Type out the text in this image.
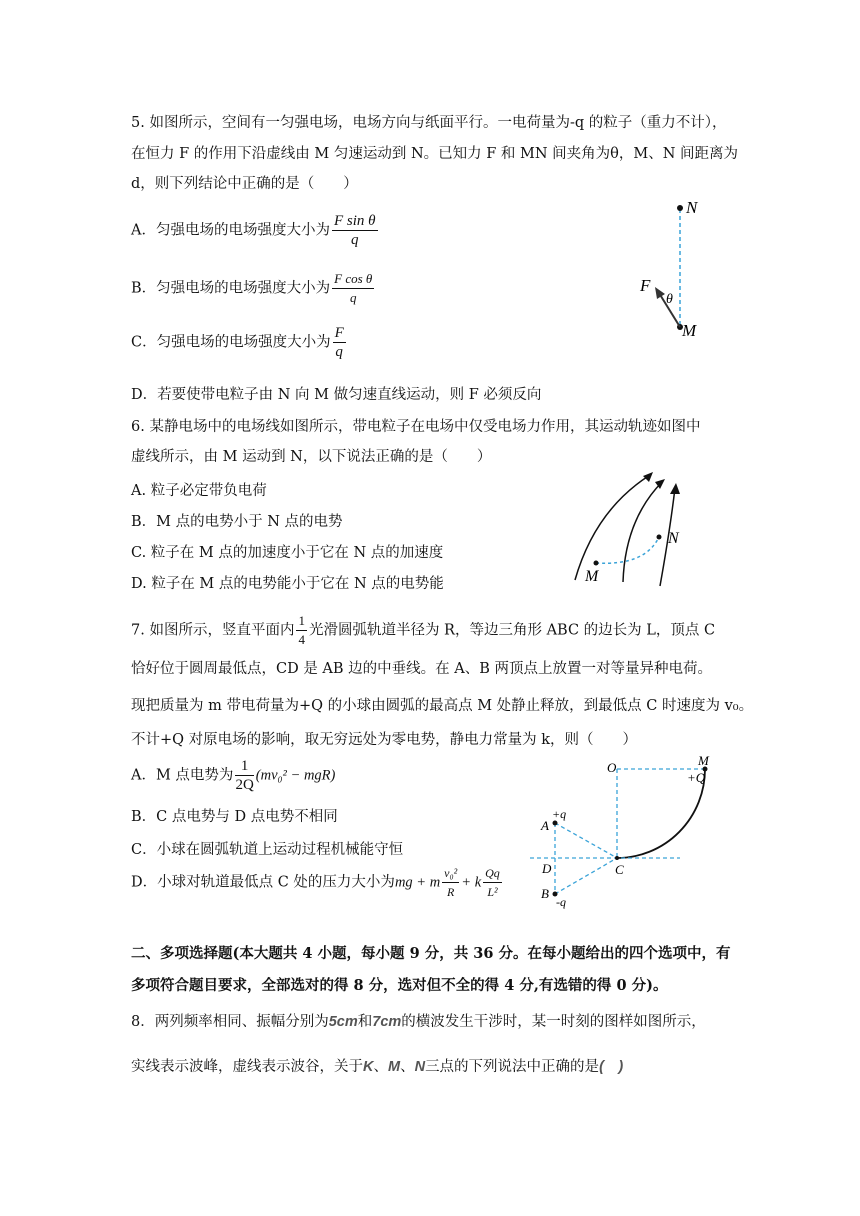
5. 如图所示，空间有一匀强电场，电场方向与纸面平行。一电荷量为-q 的粒子（重力不计），
在恒力 F 的作用下沿虚线由 M 匀速运动到 N。已知力 F 和 MN 间夹角为θ，M、N 间距离为
d，则下列结论中正确的是（　　）
A．匀强电场的电场强度大小为 $\frac{\text{F sin θ}}{q}$
B．匀强电场的电场强度大小为 $\frac{\text{F cos θ}}{q}$
C．匀强电场的电场强度大小为 $\frac{F}{q}$
D．若要使带电粒子由 N 向 M 做匀速直线运动，则 F 必须反向
N
M
F
θ
6. 某静电场中的电场线如图所示，带电粒子在电场中仅受电场力作用，其运动轨迹如图中
虚线所示，由 M 运动到 N，以下说法正确的是（　　）
A. 粒子必定带负电荷
B．M 点的电势小于 N 点的电势
C. 粒子在 M 点的加速度小于它在 N 点的加速度
D. 粒子在 M 点的电势能小于它在 N 点的电势能	M
N
7. 如图所示，竖直平面内 $\frac{1}{4}$ 光滑圆弧轨道半径为 R，等边三角形 ABC 的边长为 L，顶点 C
恰好位于圆周最低点，CD 是 AB 边的中垂线。在 A、B 两顶点上放置一对等量异种电荷。
现把质量为 m 带电荷量为+Q 的小球由圆弧的最高点 M 处静止释放，到最低点 C 时速度为 v₀。
不计+Q 对原电场的影响，取无穷远处为零电势，静电力常量为 k，则（　　）
A．M 点电势为 $\frac{1}{2Q} (mv_0^2 - mgR)$
B．C 点电势与 D 点电势不相同
C．小球在圆弧轨道上运动过程机械能守恒
D．小球对轨道最低点 C 处的压力大小为mg + m $\frac{\text{v₀²}}{R} + k \frac{Qq}{\text{L²}}$
O	M
+Q
A
+q
D	C
B
-q
二、多项选择题(本大题共 4 小题，每小题 9 分，共 36 分。在每小题给出的四个选项中，有
多项符合题目要求，全部选对的得 8 分，选对但不全的得 4 分,有选错的得 0 分)。
8．两列频率相同、振幅分别为5cm和7cm的横波发生干涉时，某一时刻的图样如图所示，
实线表示波峰，虚线表示波谷，关于K、M、N三点的下列说法中正确的是(　)
